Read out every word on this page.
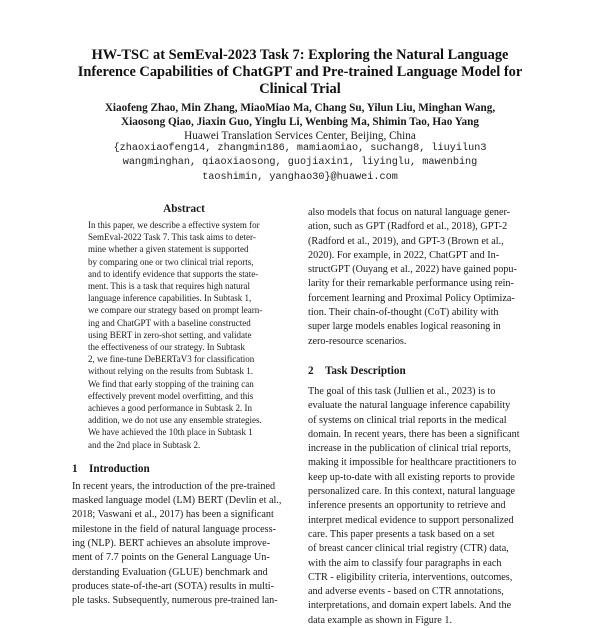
HW-TSC at SemEval-2023 Task 7: Exploring the Natural Language
Inference Capabilities of ChatGPT and Pre-trained Language Model for
Clinical Trial
Xiaofeng Zhao, Min Zhang, MiaoMiao Ma, Chang Su, Yilun Liu, Minghan Wang,
Xiaosong Qiao, Jiaxin Guo, Yinglu Li, Wenbing Ma, Shimin Tao, Hao Yang
Huawei Translation Services Center, Beijing, China
{zhaoxiaofeng14, zhangmin186, mamiaomiao, suchang8, liuyilun3
wangminghan, qiaoxiaosong, guojiaxin1, liyinglu, mawenbing
taoshimin, yanghao30}@huawei.com
Abstract
In this paper, we describe a effective system for
SemEval-2022 Task 7. This task aims to deter-
mine whether a given statement is supported
by comparing one or two clinical trial reports,
and to identify evidence that supports the state-
ment. This is a task that requires high natural
language inference capabilities. In Subtask 1,
we compare our strategy based on prompt learn-
ing and ChatGPT with a baseline constructed
using BERT in zero-shot setting, and validate
the effectiveness of our strategy. In Subtask
2, we fine-tune DeBERTaV3 for classification
without relying on the results from Subtask 1.
We find that early stopping of the training can
effectively prevent model overfitting, and this
achieves a good performance in Subtask 2. In
addition, we do not use any ensemble strategies.
We have achieved the 10th place in Subtask 1
and the 2nd place in Subtask 2.
1 Introduction
In recent years, the introduction of the pre-trained
masked language model (LM) BERT (Devlin et al.,
2018; Vaswani et al., 2017) has been a significant
milestone in the field of natural language process-
ing (NLP). BERT achieves an absolute improve-
ment of 7.7 points on the General Language Un-
derstanding Evaluation (GLUE) benchmark and
produces state-of-the-art (SOTA) results in multi-
ple tasks. Subsequently, numerous pre-trained lan-
also models that focus on natural language gener-
ation, such as GPT (Radford et al., 2018), GPT-2
(Radford et al., 2019), and GPT-3 (Brown et al.,
2020). For example, in 2022, ChatGPT and In-
structGPT (Ouyang et al., 2022) have gained popu-
larity for their remarkable performance using rein-
forcement learning and Proximal Policy Optimiza-
tion. Their chain-of-thought (CoT) ability with
super large models enables logical reasoning in
zero-resource scenarios.
2 Task Description
The goal of this task (Jullien et al., 2023) is to
evaluate the natural language inference capability
of systems on clinical trial reports in the medical
domain. In recent years, there has been a significant
increase in the publication of clinical trial reports,
making it impossible for healthcare practitioners to
keep up-to-date with all existing reports to provide
personalized care. In this context, natural language
inference presents an opportunity to retrieve and
interpret medical evidence to support personalized
care. This paper presents a task based on a set
of breast cancer clinical trial registry (CTR) data,
with the aim to classify four paragraphs in each
CTR - eligibility criteria, interventions, outcomes,
and adverse events - based on CTR annotations,
interpretations, and domain expert labels. And the
data example as shown in Figure 1.
